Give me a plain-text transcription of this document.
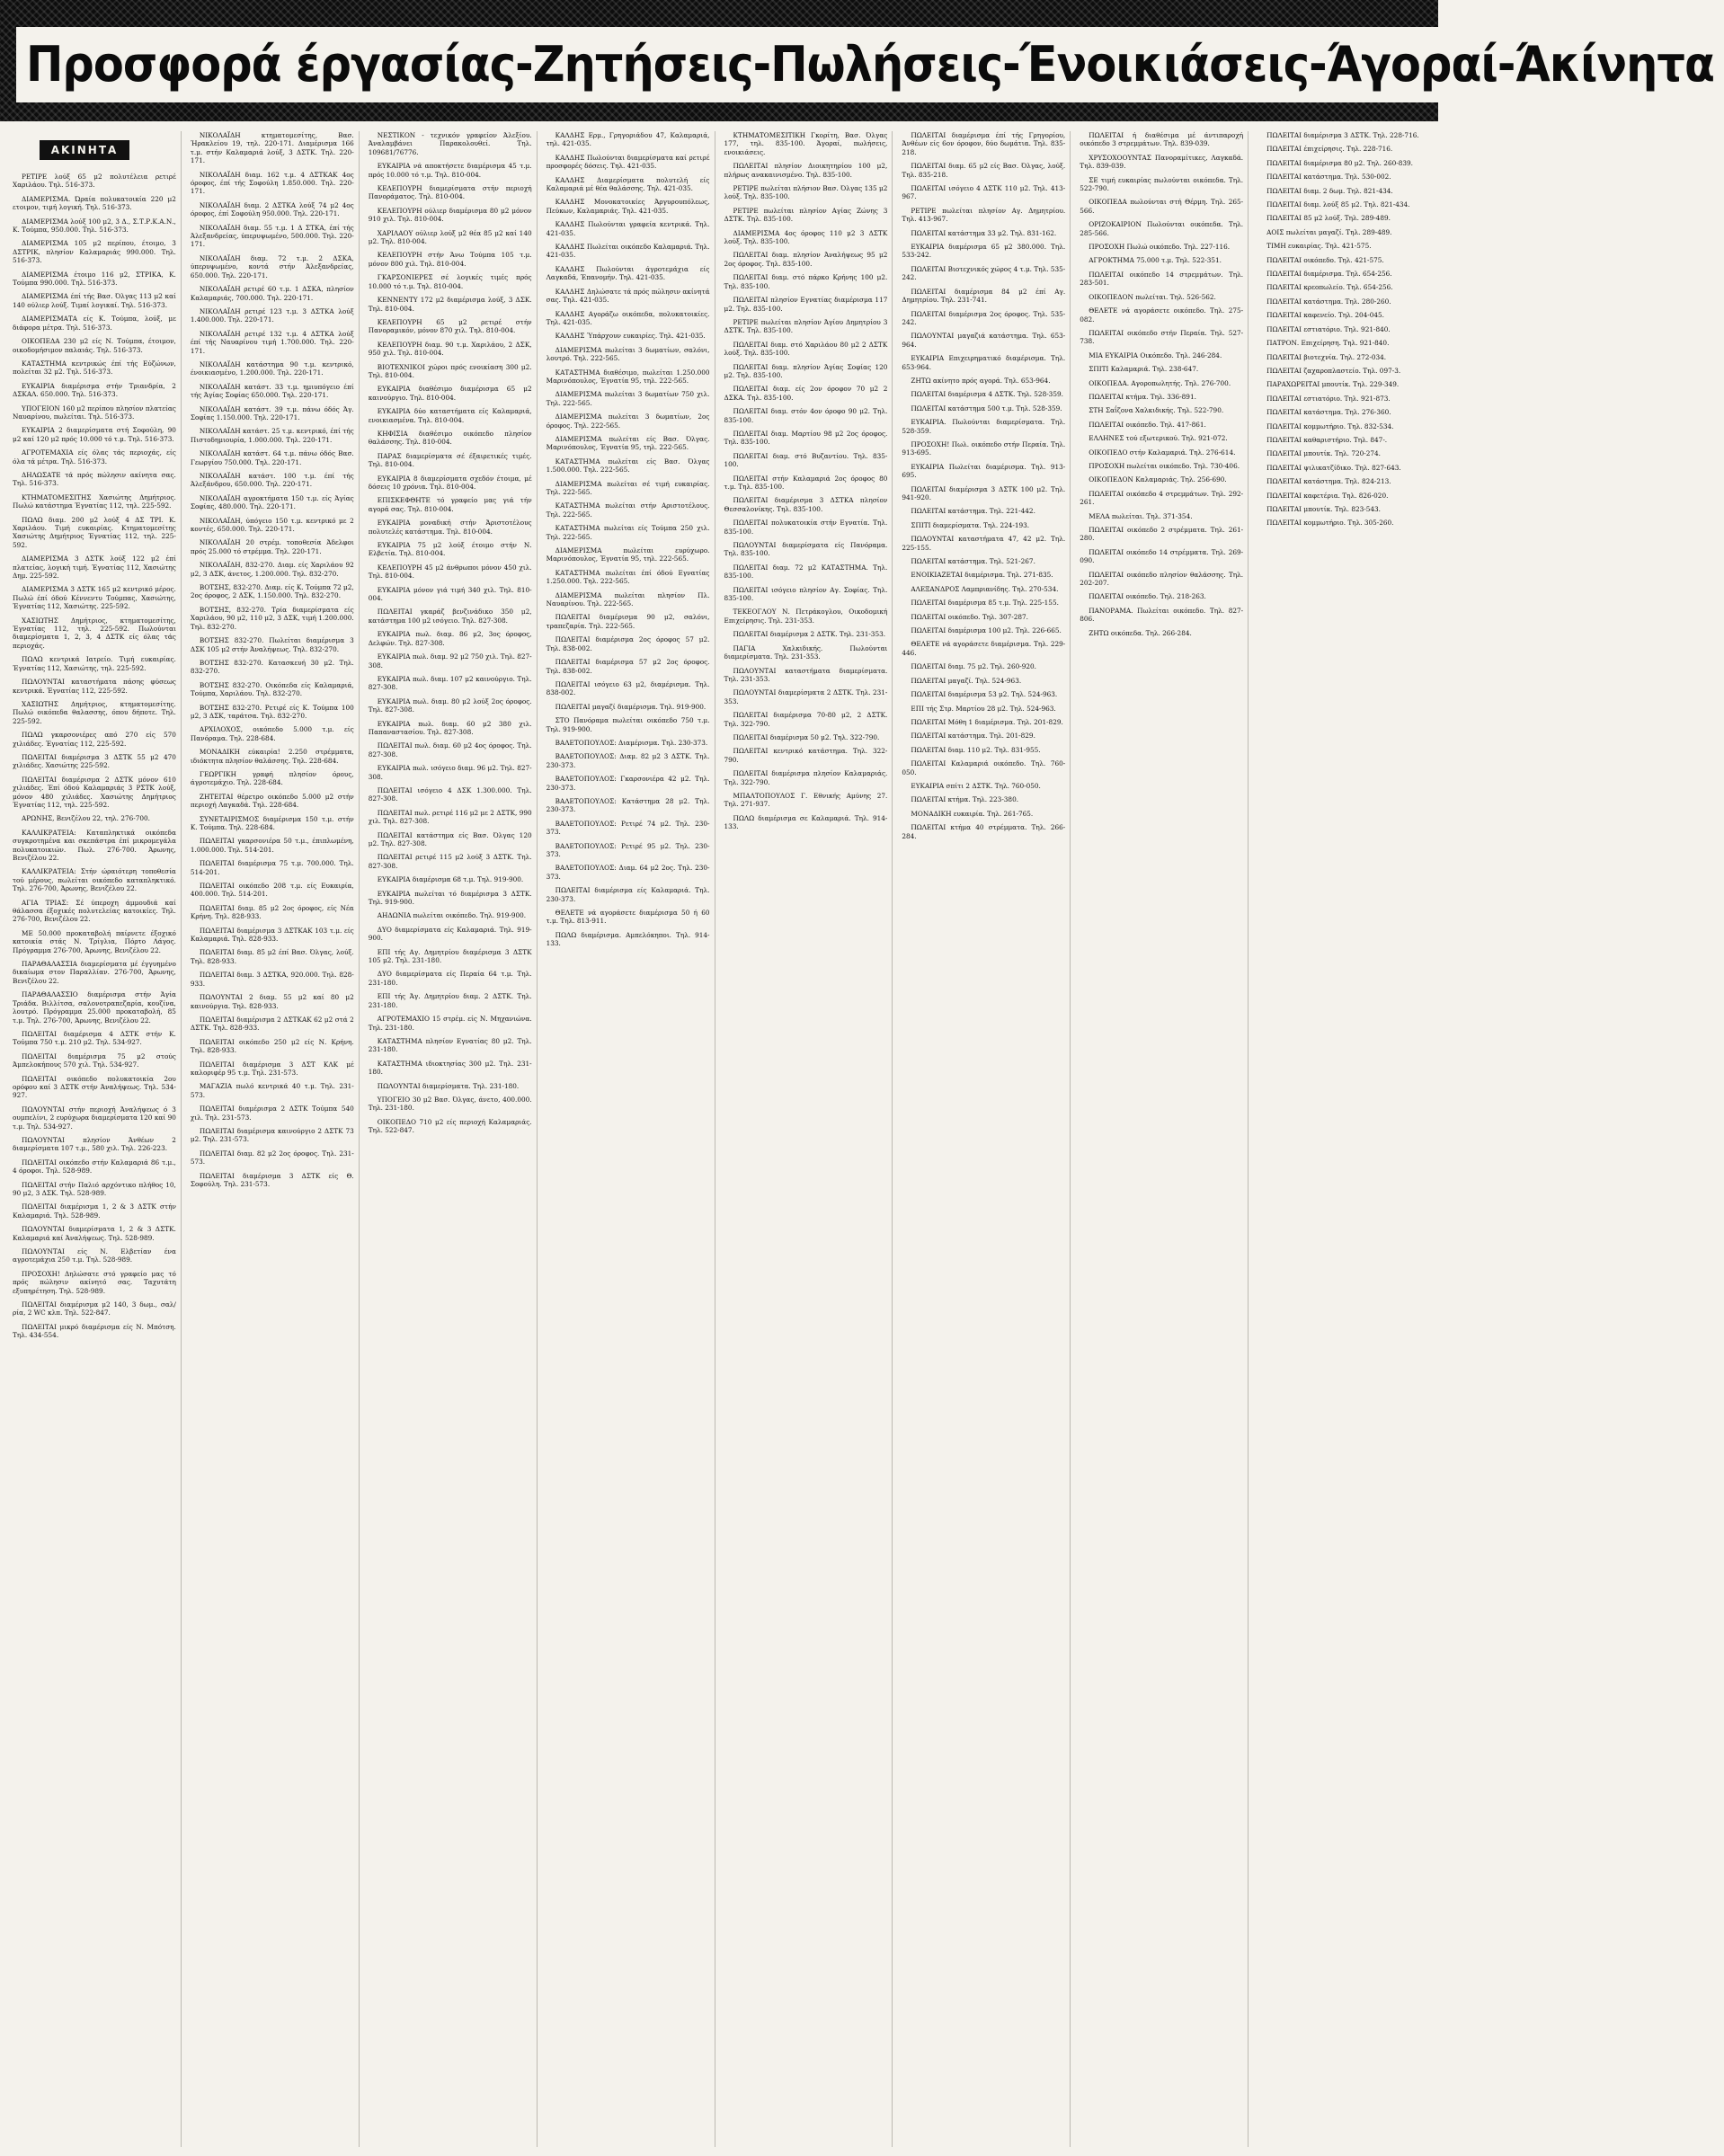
Προσφορά έργασίας-Ζητήσεις-Πωλήσεις-Ένοικιάσεις-Άγοραί-Άκίνητα
ΑΚΙΝΗΤΑ

ΡΕΤΙΡΕ λούξ 65 μ2 πολυτέλεια ρετιρέ Χαριλάου. Τηλ. 516-373.

ΔΙΑΜΕΡΙΣΜΑ. Ώραία πολυκατοικία 220 μ2 ετοιμον, τιμή λογική. Τηλ. 516-373.

ΔΙΑΜΕΡΙΣΜΑ λούξ 100 μ2, 3 Δ., Σ.Τ.Ρ.Κ.Α.Ν., Κ. Τούμπα, 950.000. Τηλ. 516-373.

ΔΙΑΜΕΡΙΣΜΑ 105 μ2 περίπου, έτοιμο, 3 ΔΣΤΡΙΚ, πλησίον Καλαμαριάς 990.000. Τηλ. 516-373.

ΔΙΑΜΕΡΙΣΜΑ έτοιμο 116 μ2, ΣΤΡΙΚΑ, Κ. Τούμπα 990.000. Τηλ. 516-373.

ΔΙΑΜΕΡΙΣΜΑ έπί τής Βασ. Όλγας 113 μ2 καί 140 ούλιερ λούξ. Τιμαί λογικαί. Τηλ. 516-373.

ΔΙΑΜΕΡΙΣΜΑΤΑ είς Κ. Τούμπα, λούξ, με διάφορα μέτρα. Τηλ. 516-373.

ΟΙΚΟΠΕΔΑ 230 μ2 είς Ν. Τούμπα, έτοιμον, οικοδομήσιμον παλαιάς. Τηλ. 516-373.

ΚΑΤΑΣΤΗΜΑ κεντρικώς έπί τής Εύζώνων, πολείται 32 μ2. Τηλ. 516-373.

ΕΥΚΑΙΡΙΑ διαμέρισμα στήν Τριανδρία, 2 ΔΣΚΑΛ. 650.000. Τηλ. 516-373.

ΥΠΟΓΕΙΟΝ 160 μ2 περίπου πλησίον πλατείας Ναυαρίνου, πωλείται. Τηλ. 516-373.

ΕΥΚΑΙΡΙΑ 2 διαμερίσματα στή Σοφούλη, 90 μ2 καί 120 μ2 πρός 10.000 τό τ.μ. Τηλ. 516-373.

ΑΓΡΟΤΕΜΑΧΙΑ είς όλας τάς περιοχάς, είς όλα τά μέτρα. Τηλ. 516-373.

ΔΗΛΩΣΑΤΕ τά πρός πώλησιν ακίνητα σας. Τηλ. 516-373.

ΚΤΗΜΑΤΟΜΕΣΙΤΗΣ Χασιώτης Δημήτριος. Πωλώ κατάστημα Έγνατίας 112, τηλ. 225-592.

ΠΩΛΩ διαμ. 200 μ2 λούξ 4 ΔΣ ΤΡΙ. Κ. Χαριλάου. Τιμή ευκαιρίας. Κτηματομεσίτης Χασιώτης Δημήτριος Έγνατίας 112, τηλ. 225-592.

ΔΙΑΜΕΡΙΣΜΑ 3 ΔΣΤΚ λούξ 122 μ2 έπί πλατείας, λογική τιμή. Έγνατίας 112, Χασιώτης Δημ. 225-592.

ΔΙΑΜΕΡΙΣΜΑ 3 ΔΣΤΚ 165 μ2 κεντρικό μέρος. Πωλώ έπί όδού Κέννεντυ Τούμπας, Χασιώτης, Έγνατίας 112, Χασιώτης. 225-592.

ΧΑΣΙΩΤΗΣ Δημήτριος, κτηματομεσίτης, Έγνατίας 112, τηλ. 225-592. Πωλούνται διαμερίσματα 1, 2, 3, 4 ΔΣΤΚ είς όλας τάς περιοχάς.

ΠΩΛΩ κεντρικά Ιατρείο. Τιμή ευκαιρίας. Έγνατίας 112, Χασιώτης, τηλ. 225-592.

ΠΩΛΟΥΝΤΑΙ καταστήματα πάσης φύσεως κεντρικά. Έγνατίας 112, 225-592.

ΧΑΣΙΩΤΗΣ Δημήτριος, κτηματομεσίτης. Πωλώ οικόπεδα θαλασσης, όπου δήποτε. Τηλ. 225-592.

ΠΩΛΩ γκαρσονιέρες από 270 είς 570 χιλιάδες. Έγνατίας 112, 225-592.

ΠΩΛΕΙΤΑΙ διαμέρισμα 3 ΔΣΤΚ 55 μ2 470 χιλιάδες. Χασιώτης 225-592.

ΠΩΛΕΙΤΑΙ διαμέρισμα 2 ΔΣΤΚ μόνον 610 χιλιάδες. Έπί όδού Καλαμαριάς 3 ΡΣΤΚ λούξ, μόνον 480 χιλιάδες. Χασιώτης Δημήτριος Έγνατίας 112, τηλ. 225-592.

ΑΡΩΝΗΣ, Βενιζέλου 22, τηλ. 276-700.

ΚΑΛΛΙΚΡΑΤΕΙΑ: Καταπληκτικά οικόπεδα συγκροτημένα και σκεπάστρα έπί μικρομεγάλα πολυκατοικιών. Πωλ. 276-700. Άρωνης, Βενιζέλου 22.

ΚΑΛΛΙΚΡΑΤΕΙΑ: Στήν ώραιότερη τοποθεσία τού μέρους, πωλείται οικόπεδο καταπληκτικό. Τηλ. 276-700, Άρωνης, Βενιζέλου 22.

ΑΓΙΑ ΤΡΙΑΣ: Σέ ύπεροχη άμμουδιά καί θάλασσα έξοχικές πολυτελείας κατοικίες. Τηλ. 276-700, Βενιζέλου 22.

ΜΕ 50.000 προκαταβολή παίρνετε έξοχικό κατοικία στάς Ν. Τρίγλια, Πόρτο Λάγος. Πρόγραμμα 276-700, Άρωνης, Βενιζέλου 22.

ΠΑΡΑΘΑΛΑΣΣΙΑ διαμερίσματα μέ έγγυημένο δικαίωμα στον Παραλλίαν. 276-700, Άρωνης, Βενιζέλου 22.

ΠΑΡΑΘΑΛΑΣΣΙΟ διαμέρισμα στήν Άγία Τριάδα. Βιλλίτσα, σαλονοτραπεζαρία, κουζίνα, λουτρό. Πρόγραμμα 25.000 προκαταβολή, 85 τ.μ. Τηλ. 276-700, Άρωνης, Βενιζέλου 22.

ΠΩΛΕΙΤΑΙ διαμέρισμα 4 ΔΣΤΚ στήν Κ. Τούμπα 750 τ.μ. 210 μ2. Τηλ. 534-927.

ΠΩΛΕΙΤΑΙ διαμέρισμα 75 μ2 στούς Άμπελοκήπους 570 χιλ. Τηλ. 534-927.

ΠΩΛΕΙΤΑΙ οικόπεδο πολυκατοικία 2ου ορόφου καί 3 ΔΣΤΚ στήν Άναλήψεως. Τηλ. 534-927.

ΠΩΛΟΥΝΤΑΙ στήν περιοχή Άναλήψεως ό 3 ουμπελίνι, 2 ευρύχωρα διαμερίσματα 120 καί 90 τ.μ. Τηλ. 534-927.

ΠΩΛΟΥΝΤΑΙ πλησίον Άνθέων 2 διαμερίσματα 107 τ.μ., 580 χιλ. Τηλ. 226-223.

ΠΩΛΕΙΤΑΙ οικόπεδο στήν Καλαμαριά 86 τ.μ., 4 όροφοι. Τηλ. 528-989.

ΠΩΛΕΙΤΑΙ στήν Παλιό αρχόντικο πλήθος 10, 90 μ2, 3 ΔΣΚ. Τηλ. 528-989.

ΠΩΛΕΙΤΑΙ διαμέρισμα 1, 2 & 3 ΔΣΤΚ στήν Καλαμαριά. Τηλ. 528-989.

ΠΩΛΟΥΝΤΑΙ διαμερίσματα 1, 2 & 3 ΔΣΤΚ. Καλαμαριά καί Άναλήψεως. Τηλ. 528-989.

ΠΩΛΟΥΝΤΑΙ είς Ν. Ελβετίαν ένα αγροτεμάχια 250 τ.μ. Τηλ. 528-989.

ΠΡΟΣΟΧΗ! Δηλώσατε στό γραφείο μας τό πρός πώλησιν ακίνητό σας. Ταχυτάτη εξυπηρέτηση. Τηλ. 528-989.

ΠΩΛΕΙΤΑΙ διαμέρισμα μ2 140, 3 δωμ., σαλ/ρία, 2 WC κλπ. Τηλ. 522-847.

ΠΩΛΕΙΤΑΙ μικρό διαμέρισμα είς Ν. Μπότση. Τηλ. 434-554.

ΝΙΚΟΛΑΪΔΗ κτηματομεσίτης, Βασ. Ήρακλείου 19, τηλ. 220-171. Διαμέρισμα 166 τ.μ. στήν Καλαμαριά λούξ, 3 ΔΣΤΚ. Τηλ. 220-171.

ΝΙΚΟΛΑΪΔΗ διαμ. 162 τ.μ. 4 ΔΣΤΚΑΚ 4ος όροφος, έπί τής Σοφούλη 1.850.000. Τηλ. 220-171.

ΝΙΚΟΛΑΪΔΗ διαμ. 2 ΔΣΤΚΑ λούξ 74 μ2 4ος όροφος, έπί Σοφούλη 950.000. Τηλ. 220-171.

ΝΙΚΟΛΑΪΔΗ διαμ. 55 τ.μ. 1 Δ ΣΤΚΑ, έπί τής Άλεξανδρείας, ύπερυψωμένο, 500.000. Τηλ. 220-171.

ΝΙΚΟΛΑΪΔΗ διαμ. 72 τ.μ. 2 ΔΣΚΑ, ύπερυψωμένο, κοντά στήν Άλεξανδρείας, 650.000. Τηλ. 220-171.

ΝΙΚΟΛΑΪΔΗ ρετιρέ 60 τ.μ. 1 ΔΣΚΑ, πλησίον Καλαμαριάς, 700.000. Τηλ. 220-171.

ΝΙΚΟΛΑΪΔΗ ρετιρέ 123 τ.μ. 3 ΔΣΤΚΑ λούξ 1.400.000. Τηλ. 220-171.

ΝΙΚΟΛΑΪΔΗ ρετιρέ 132 τ.μ. 4 ΔΣΤΚΑ λούξ έπί τής Ναυαρίνου τιμή 1.700.000. Τηλ. 220-171.

ΝΙΚΟΛΑΪΔΗ κατάστημα 90 τ.μ. κεντρικό, ένοικιασμένο, 1.200.000. Τηλ. 220-171.

ΝΙΚΟΛΑΪΔΗ κατάστ. 33 τ.μ. ημιυπόγειο έπί τής Άγίας Σοφίας 650.000. Τηλ. 220-171.

ΝΙΚΟΛΑΪΔΗ κατάστ. 39 τ.μ. πάνω όδός Άγ. Σοφίας 1.150.000. Τηλ. 220-171.

ΝΙΚΟΛΑΪΔΗ κατάστ. 25 τ.μ. κεντρικό, έπί τής Πιστοδημιουρία, 1.000.000. Τηλ. 220-171.

ΝΙΚΟΛΑΪΔΗ κατάστ. 64 τ.μ. πάνω όδός Βασ. Γεωργίου 750.000. Τηλ. 220-171.

ΝΙΚΟΛΑΪΔΗ κατάστ. 100 τ.μ. έπί τής Άλεξάνδρου, 650.000. Τηλ. 220-171.

ΝΙΚΟΛΑΪΔΗ αγροκτήματα 150 τ.μ. είς Άγίας Σοφίας, 480.000. Τηλ. 220-171.

ΝΙΚΟΛΑΪΔΗ, ύπόγειο 150 τ.μ. κεντρικό με 2 κοντές, 650.000. Τηλ. 220-171.

ΝΙΚΟΛΑΪΔΗ 20 στρέμ. τοποθεσία Άδελφοι πρός 25.000 τό στρέμμα. Τηλ. 220-171.

ΝΙΚΟΛΑΪΔΗ, 832-270. Διαμ. είς Χαριλάου 92 μ2, 3 ΔΣΚ, άνετος, 1.200.000. Τηλ. 832-270.

ΒΟΤΣΗΣ, 832-270. Διαμ. είς Κ. Τούμπα 72 μ2, 2ος όροφος, 2 ΔΣΚ, 1.150.000. Τηλ. 832-270.

ΒΟΤΣΗΣ, 832-270. Τρία διαμερίσματα είς Χαριλάου, 90 μ2, 110 μ2, 3 ΔΣΚ, τιμή 1.200.000. Τηλ. 832-270.

ΒΟΤΣΗΣ 832-270. Πωλείται διαμέρισμα 3 ΔΣΚ 105 μ2 στήν Άναλήψεως. Τηλ. 832-270.

ΒΟΤΣΗΣ 832-270. Κατασκευή 30 μ2. Τηλ. 832-270.

ΒΟΤΣΗΣ 832-270. Οικόπεδα είς Καλαμαριά, Τούμπα, Χαριλάου. Τηλ. 832-270.

ΒΟΤΣΗΣ 832-270. Ρετιρέ είς Κ. Τούμπα 100 μ2, 3 ΔΣΚ, ταράτσα. Τηλ. 832-270.

ΑΡΧΙΛΟΧΟΣ, οικόπεδο 5.000 τ.μ. είς Πανόραμα. Τηλ. 228-684.

ΜΟΝΑΔΙΚΗ εύκαιρία! 2.250 στρέμματα, ιδιόκτητα πλησίον θαλάσσης. Τηλ. 228-684.

ΓΕΩΡΓΙΚΗ γραφή πλησίον όρους, άγροτεμάχιο. Τηλ. 228-684.

ΖΗΤΕΙΤΑΙ θέρετρο οικόπεδο 5.000 μ2 στήν περιοχή Λαγκαδά. Τηλ. 228-684.

ΣΥΝΕΤΑΙΡΙΣΜΟΣ διαμέρισμα 150 τ.μ. στήν Κ. Τούμπα. Τηλ. 228-684.

ΠΩΛΕΙΤΑΙ γκαρσονιέρα 50 τ.μ., έπιπλωμένη, 1.000.000. Τηλ. 514-201.

ΠΩΛΕΙΤΑΙ διαμέρισμα 75 τ.μ. 700.000. Τηλ. 514-201.

ΠΩΛΕΙΤΑΙ οικόπεδο 208 τ.μ. είς Ευκαιρία, 400.000. Τηλ. 514-201.

ΠΩΛΕΙΤΑΙ διαμ. 85 μ2 2ος όροφος, είς Νέα Κρήνη. Τηλ. 828-933.

ΠΩΛΕΙΤΑΙ διαμέρισμα 3 ΔΣΤΚΑΚ 103 τ.μ. είς Καλαμαριά. Τηλ. 828-933.

ΠΩΛΕΙΤΑΙ διαμ. 85 μ2 έπί Βασ. Όλγας, λούξ. Τηλ. 828-933.

ΠΩΛΕΙΤΑΙ διαμ. 3 ΔΣΤΚΑ, 920.000. Τηλ. 828-933.

ΠΩΛΟΥΝΤΑΙ 2 διαμ. 55 μ2 καί 80 μ2 καινούργια. Τηλ. 828-933.

ΠΩΛΕΙΤΑΙ διαμέρισμα 2 ΔΣΤΚΑΚ 62 μ2 στά 2 ΔΣΤΚ. Τηλ. 828-933.

ΠΩΛΕΙΤΑΙ οικόπεδο 250 μ2 είς Ν. Κρήνη. Τηλ. 828-933.

ΠΩΛΕΙΤΑΙ διαμέρισμα 3 ΔΣΤ ΚΛΚ μέ καλοριφέρ 95 τ.μ. Τηλ. 231-573.

ΜΑΓΑΖΙΑ πωλό κεντρικά 40 τ.μ. Τηλ. 231-573.

ΠΩΛΕΙΤΑΙ διαμέρισμα 2 ΔΣΤΚ Τούμπα 540 χιλ. Τηλ. 231-573.

ΠΩΛΕΙΤΑΙ διαμέρισμα καινούργιο 2 ΔΣΤΚ 73 μ2. Τηλ. 231-573.

ΠΩΛΕΙΤΑΙ διαμ. 82 μ2 2ος όροφος. Τηλ. 231-573.

ΠΩΛΕΙΤΑΙ διαμέρισμα 3 ΔΣΤΚ είς Θ. Σοφούλη. Τηλ. 231-573.

ΝΕΣΤΙΚΟΝ - τεχνικόν γραφείον Άλεξίου. Άναλαμβάνει Παρακολουθεί. Τηλ. 109681/76776.

ΕΥΚΑΙΡΙΑ νά αποκτήσετε διαμέρισμα 45 τ.μ. πρός 10.000 τό τ.μ. Τηλ. 810-004.

ΚΕΛΕΠΟΥΡΗ διαμερίσματα στήν περιοχή Πανοράματος. Τηλ. 810-004.

ΚΕΛΕΠΟΥΡΗ ούλιερ διαμέρισμα 80 μ2 μόνον 910 χιλ. Τηλ. 810-004.

ΧΑΡΙΛΑΟΥ ούλιερ λούξ μ2 θέα 85 μ2 καί 140 μ2. Τηλ. 810-004.

ΚΕΛΕΠΟΥΡΗ στήν Άνω Τούμπα 105 τ.μ. μόνον 800 χιλ. Τηλ. 810-004.

ΓΚΑΡΣΟΝΙΕΡΕΣ σέ λογικές τιμές πρός 10.000 τό τ.μ. Τηλ. 810-004.

ΚΕΝΝΕΝΤΥ 172 μ2 διαμέρισμα λούξ, 3 ΔΣΚ. Τηλ. 810-004.

ΚΕΛΕΠΟΥΡΗ 65 μ2 ρετιρέ στήν Πανοραμικόν, μόνον 870 χιλ. Τηλ. 810-004.

ΚΕΛΕΠΟΥΡΗ διαμ. 90 τ.μ. Χαριλάου, 2 ΔΣΚ, 950 χιλ. Τηλ. 810-004.

ΒΙΟΤΕΧΝΙΚΟΙ χώροι πρός ενοικίαση 300 μ2. Τηλ. 810-004.

ΕΥΚΑΙΡΙΑ διαθέσιμο διαμέρισμα 65 μ2 καινούργιο. Τηλ. 810-004.

ΕΥΚΑΙΡΙΑ δύο καταστήματα είς Καλαμαριά, ενοικιασμένα. Τηλ. 810-004.

ΚΗΦΙΣΙΑ διαθέσιμο οικόπεδο πλησίον θαλάσσης. Τηλ. 810-004.

ΠΑΡΑΣ διαμερίσματα σέ έξαιρετικές τιμές. Τηλ. 810-004.

ΕΥΚΑΙΡΙΑ 8 διαμερίσματα σχεδόν έτοιμα, μέ δόσεις 10 χρόνια. Τηλ. 810-004.

ΕΠΙΣΚΕΦΘΗΤΕ τό γραφείο μας γιά τήν αγορά σας. Τηλ. 810-004.

ΕΥΚΑΙΡΙΑ μοναδική στήν Άριστοτέλους πολυτελές κατάστημα. Τηλ. 810-004.

ΕΥΚΑΙΡΙΑ 75 μ2 λούξ έτοιμο στήν Ν. Ελβετία. Τηλ. 810-004.

ΚΕΛΕΠΟΥΡΗ 45 μ2 άνθρωποι μόνον 450 χιλ. Τηλ. 810-004.

ΕΥΚΑΙΡΙΑ μόνον γιά τιμή 340 χιλ. Τηλ. 810-004.

ΠΩΛΕΙΤΑΙ γκαράζ βενζινάδικο 350 μ2, κατάστημα 100 μ2 ισόγειο. Τηλ. 827-308.

ΕΥΚΑΙΡΙΑ πωλ. διαμ. 86 μ2, 3ος όροφος, Δελφών. Τηλ. 827-308.

ΕΥΚΑΙΡΙΑ πωλ. διαμ. 92 μ2 750 χιλ. Τηλ. 827-308.

ΕΥΚΑΙΡΙΑ πωλ. διαμ. 107 μ2 καινούργιο. Τηλ. 827-308.

ΕΥΚΑΙΡΙΑ πωλ. διαμ. 80 μ2 λούξ 2ος όροφος. Τηλ. 827-308.

ΕΥΚΑΙΡΙΑ πωλ. διαμ. 60 μ2 380 χιλ. Παπαναστασίου. Τηλ. 827-308.

ΠΩΛΕΙΤΑΙ πωλ. διαμ. 60 μ2 4ος όροφος. Τηλ. 827-308.

ΕΥΚΑΙΡΙΑ πωλ. ισόγειο διαμ. 96 μ2. Τηλ. 827-308.

ΠΩΛΕΙΤΑΙ ισόγειο 4 ΔΣΚ 1.300.000. Τηλ. 827-308.

ΠΩΛΕΙΤΑΙ πωλ. ρετιρέ 116 μ2 με 2 ΔΣΤΚ, 990 χιλ. Τηλ. 827-308.

ΠΩΛΕΙΤΑΙ κατάστημα είς Βασ. Όλγας 120 μ2. Τηλ. 827-308.

ΠΩΛΕΙΤΑΙ ρετιρέ 115 μ2 λούξ 3 ΔΣΤΚ. Τηλ. 827-308.

ΕΥΚΑΙΡΙΑ διαμέρισμα 68 τ.μ. Τηλ. 919-900.

ΕΥΚΑΙΡΙΑ πωλείται τό διαμέρισμα 3 ΔΣΤΚ. Τηλ. 919-900.

ΑΗΔΩΝΙΑ πωλείται οικόπεδο. Τηλ. 919-900.

ΔΥΟ διαμερίσματα είς Καλαμαριά. Τηλ. 919-900.

ΕΠΙ τής Αγ. Δημητρίου διαμέρισμα 3 ΔΣΤΚ 105 μ2. Τηλ. 231-180.

ΔΥΟ διαμερίσματα είς Περαία 64 τ.μ. Τηλ. 231-180.

ΕΠΙ τής Άγ. Δημητρίου διαμ. 2 ΔΣΤΚ. Τηλ. 231-180.

ΑΓΡΟΤΕΜΑΧΙΟ 15 στρέμ. είς Ν. Μηχανιώνα. Τηλ. 231-180.

ΚΑΤΑΣΤΗΜΑ πλησίον Εγνατίας 80 μ2. Τηλ. 231-180.

ΚΑΤΑΣΤΗΜΑ ιδιοκτησίας 300 μ2. Τηλ. 231-180.

ΠΩΛΟΥΝΤΑΙ διαμερίσματα. Τηλ. 231-180.

ΥΠΟΓΕΙΟ 30 μ2 Βασ. Όλγας, άνετο, 400.000. Τηλ. 231-180.

ΟΙΚΟΠΕΔΟ 710 μ2 είς περιοχή Καλαμαριάς. Τηλ. 522-847.

ΚΑΛΔΗΣ Ερμ., Γρηγοριάδου 47, Καλαμαριά, τηλ. 421-035.

ΚΑΛΔΗΣ Πωλούνται διαμερίσματα καί ρετιρέ προσφορές δόσεις. Τηλ. 421-035.

ΚΑΛΔΗΣ Διαμερίσματα πολυτελή είς Καλαμαριά μέ θέα θαλάσσης. Τηλ. 421-035.

ΚΑΛΔΗΣ Μονοκατοικίες Άργυρουπόλεως, Πεύκων, Καλαμαριάς. Τηλ. 421-035.

ΚΑΛΔΗΣ Πωλούνται γραφεία κεντρικά. Τηλ. 421-035.

ΚΑΛΔΗΣ Πωλείται οικόπεδο Καλαμαριά. Τηλ. 421-035.

ΚΑΛΔΗΣ Πωλούνται άγροτεμάχια είς Λαγκαδά, Έπανομήν. Τηλ. 421-035.

ΚΑΛΔΗΣ Δηλώσατε τά πρός πώλησιν ακίνητά σας. Τηλ. 421-035.

ΚΑΛΔΗΣ Αγοράζω οικόπεδα, πολυκατοικίες. Τηλ. 421-035.

ΚΑΛΔΗΣ Ύπάρχουν ευκαιρίες. Τηλ. 421-035.

ΔΙΑΜΕΡΙΣΜΑ πωλείται 3 δωματίων, σαλόνι, λουτρό. Τηλ. 222-565.

ΚΑΤΑΣΤΗΜΑ διαθέσιμο, πωλείται 1.250.000 Μαρινόπουλος, Έγνατία 95, τηλ. 222-565.

ΔΙΑΜΕΡΙΣΜΑ πωλείται 3 δωματίων 750 χιλ. Τηλ. 222-565.

ΔΙΑΜΕΡΙΣΜΑ πωλείται 3 δωματίων, 2ος όροφος. Τηλ. 222-565.

ΔΙΑΜΕΡΙΣΜΑ πωλείται είς Βασ. Όλγας. Μαρινόπουλος, Έγνατία 95, τηλ. 222-565.

ΚΑΤΑΣΤΗΜΑ πωλείται είς Βασ. Όλγας 1.500.000. Τηλ. 222-565.

ΔΙΑΜΕΡΙΣΜΑ πωλείται σέ τιμή ευκαιρίας. Τηλ. 222-565.

ΚΑΤΑΣΤΗΜΑ πωλείται στήν Αριστοτέλους. Τηλ. 222-565.

ΚΑΤΑΣΤΗΜΑ πωλείται είς Τούμπα 250 χιλ. Τηλ. 222-565.

ΔΙΑΜΕΡΙΣΜΑ πωλείται ευρύχωρο. Μαρινόπουλος, Έγνατία 95, τηλ. 222-565.

ΚΑΤΑΣΤΗΜΑ πωλείται έπί όδού Εγνατίας 1.250.000. Τηλ. 222-565.

ΔΙΑΜΕΡΙΣΜΑ πωλείται πλησίον Πλ. Ναυαρίνου. Τηλ. 222-565.

ΠΩΛΕΙΤΑΙ διαμέρισμα 90 μ2, σαλόνι, τραπεζαρία. Τηλ. 222-565.

ΠΩΛΕΙΤΑΙ διαμέρισμα 2ος όροφος 57 μ2. Τηλ. 838-002.

ΠΩΛΕΙΤΑΙ διαμέρισμα 57 μ2 2ος όροφος. Τηλ. 838-002.

ΠΩΛΕΙΤΑΙ ισόγειο 63 μ2, διαμέρισμα. Τηλ. 838-002.

ΠΩΛΕΙΤΑΙ μαγαζί διαμέρισμα. Τηλ. 919-900.

ΣΤΟ Πανόραμα πωλείται οικόπεδο 750 τ.μ. Τηλ. 919-900.

ΒΑΛΕΤΟΠΟΥΛΟΣ: Διαμέρισμα. Τηλ. 230-373.

ΒΑΛΕΤΟΠΟΥΛΟΣ: Διαμ. 82 μ2 3 ΔΣΤΚ. Τηλ. 230-373.

ΒΑΛΕΤΟΠΟΥΛΟΣ: Γκαρσονιέρα 42 μ2. Τηλ. 230-373.

ΒΑΛΕΤΟΠΟΥΛΟΣ: Κατάστημα 28 μ2. Τηλ. 230-373.

ΒΑΛΕΤΟΠΟΥΛΟΣ: Ρετιρέ 74 μ2. Τηλ. 230-373.

ΒΑΛΕΤΟΠΟΥΛΟΣ: Ρετιρέ 95 μ2. Τηλ. 230-373.

ΒΑΛΕΤΟΠΟΥΛΟΣ: Διαμ. 64 μ2 2ος. Τηλ. 230-373.

ΠΩΛΕΙΤΑΙ διαμέρισμα είς Καλαμαριά. Τηλ. 230-373.

ΘΕΛΕΤΕ νά αγοράσετε διαμέρισμα 50 ή 60 τ.μ. Τηλ. 813-911.

ΠΩΛΩ διαμέρισμα. Αμπελόκηποι. Τηλ. 914-133.

ΚΤΗΜΑΤΟΜΕΣΙΤΙΚΗ Γκορίτη, Βασ. Όλγας 177, τηλ. 835-100. Άγοραί, πωλήσεις, ενοικιάσεις.

ΠΩΛΕΙΤΑΙ πλησίον Διοικητηρίου 100 μ2, πλήρως ανακαινισμένο. Τηλ. 835-100.

ΡΕΤΙΡΕ πωλείται πλήσιον Βασ. Όλγας 135 μ2 λούξ. Τηλ. 835-100.

ΡΕΤΙΡΕ πωλείται πλησίον Αγίας Ζώνης 3 ΔΣΤΚ. Τηλ. 835-100.

ΔΙΑΜΕΡΙΣΜΑ 4ος όροφος 110 μ2 3 ΔΣΤΚ λούξ. Τηλ. 835-100.

ΠΩΛΕΙΤΑΙ διαμ. πλησίον Άναλήψεως 95 μ2 2ος όροφος. Τηλ. 835-100.

ΠΩΛΕΙΤΑΙ διαμ. στό πάρκο Κρήνης 100 μ2. Τηλ. 835-100.

ΠΩΛΕΙΤΑΙ πλησίον Εγνατίας διαμέρισμα 117 μ2. Τηλ. 835-100.

ΡΕΤΙΡΕ πωλείται πλησίον Άγίου Δημητρίου 3 ΔΣΤΚ. Τηλ. 835-100.

ΠΩΛΕΙΤΑΙ διαμ. στό Χαριλάου 80 μ2 2 ΔΣΤΚ λούξ. Τηλ. 835-100.

ΠΩΛΕΙΤΑΙ διαμ. πλησίον Άγίας Σοφίας 120 μ2. Τηλ. 835-100.

ΠΩΛΕΙΤΑΙ διαμ. είς 2ον όροφον 70 μ2 2 ΔΣΚΑ. Τηλ. 835-100.

ΠΩΛΕΙΤΑΙ διαμ. στόν 4ον όροφο 90 μ2. Τηλ. 835-100.

ΠΩΛΕΙΤΑΙ διαμ. Μαρτίου 98 μ2 2ος όροφος. Τηλ. 835-100.

ΠΩΛΕΙΤΑΙ διαμ. στό Βυζαντίου. Τηλ. 835-100.

ΠΩΛΕΙΤΑΙ στήν Καλαμαριά 2ος όροφος 80 τ.μ. Τηλ. 835-100.

ΠΩΛΕΙΤΑΙ διαμέρισμα 3 ΔΣΤΚΑ πλησίον Θεσσαλονίκης. Τηλ. 835-100.

ΠΩΛΕΙΤΑΙ πολυκατοικία στήν Εγνατία. Τηλ. 835-100.

ΠΩΛΟΥΝΤΑΙ διαμερίσματα είς Πανόραμα. Τηλ. 835-100.

ΠΩΛΕΙΤΑΙ διαμ. 72 μ2 ΚΑΤΑΣΤΗΜΑ. Τηλ. 835-100.

ΠΩΛΕΙΤΑΙ ισόγειο πλησίον Αγ. Σοφίας. Τηλ. 835-100.

ΤΕΚΕΟΓΛΟΥ Ν. Πετράκογλου, Οικοδομική Επιχείρησις. Τηλ. 231-353.

ΠΩΛΕΙΤΑΙ διαμέρισμα 2 ΔΣΤΚ. Τηλ. 231-353.

ΠΑΓΙΑ Χαλκιδικής. Πωλούνται διαμερίσματα. Τηλ. 231-353.

ΠΩΛΟΥΝΤΑΙ καταστήματα διαμερίσματα. Τηλ. 231-353.

ΠΩΛΟΥΝΤΑΙ διαμερίσματα 2 ΔΣΤΚ. Τηλ. 231-353.

ΠΩΛΕΙΤΑΙ διαμέρισμα 70-80 μ2, 2 ΔΣΤΚ. Τηλ. 322-790.

ΠΩΛΕΙΤΑΙ διαμέρισμα 50 μ2. Τηλ. 322-790.

ΠΩΛΕΙΤΑΙ κεντρικό κατάστημα. Τηλ. 322-790.

ΠΩΛΕΙΤΑΙ διαμέρισμα πλησίον Καλαμαριάς. Τηλ. 322-790.

ΜΠΑΛΤΟΠΟΥΛΟΣ Γ. Εθνικής Αμύνης 27. Τηλ. 271-937.

ΠΩΛΩ διαμέρισμα σε Καλαμαριά. Τηλ. 914-133.

ΠΩΛΕΙΤΑΙ διαμέρισμα έπί τής Γρηγορίου, Άνθέων είς 6ον όροφον, δύο δωμάτια. Τηλ. 835-218.

ΠΩΛΕΙΤΑΙ διαμ. 65 μ2 είς Βασ. Όλγας, λούξ. Τηλ. 835-218.

ΠΩΛΕΙΤΑΙ ισόγειο 4 ΔΣΤΚ 110 μ2. Τηλ. 413-967.

ΡΕΤΙΡΕ πωλείται πλησίον Αγ. Δημητρίου. Τηλ. 413-967.

ΠΩΛΕΙΤΑΙ κατάστημα 33 μ2. Τηλ. 831-162.

ΕΥΚΑΙΡΙΑ διαμέρισμα 65 μ2 380.000. Τηλ. 533-242.

ΠΩΛΕΙΤΑΙ Βιοτεχνικός χώρος 4 τ.μ. Τηλ. 535-242.

ΠΩΛΕΙΤΑΙ διαμέρισμα 84 μ2 έπί Αγ. Δημητρίου. Τηλ. 231-741.

ΠΩΛΕΙΤΑΙ διαμέρισμα 2ος όροφος. Τηλ. 535-242.

ΠΩΛΟΥΝΤΑΙ μαγαζιά κατάστημα. Τηλ. 653-964.

ΕΥΚΑΙΡΙΑ Επιχειρηματικό διαμέρισμα. Τηλ. 653-964.

ΖΗΤΩ ακίνητο πρός αγορά. Τηλ. 653-964.

ΠΩΛΕΙΤΑΙ διαμέρισμα 4 ΔΣΤΚ. Τηλ. 528-359.

ΠΩΛΕΙΤΑΙ κατάστημα 500 τ.μ. Τηλ. 528-359.

ΕΥΚΑΙΡΙΑ. Πωλούνται διαμερίσματα. Τηλ. 528-359.

ΠΡΟΣΟΧΗ! Πωλ. οικόπεδο στήν Περαία. Τηλ. 913-695.

ΕΥΚΑΙΡΙΑ Πωλείται διαμέρισμα. Τηλ. 913-695.

ΠΩΛΕΙΤΑΙ διαμέρισμα 3 ΔΣΤΚ 100 μ2. Τηλ. 941-920.

ΠΩΛΕΙΤΑΙ κατάστημα. Τηλ. 221-442.

ΣΠΙΤΙ διαμερίσματα. Τηλ. 224-193.

ΠΩΛΟΥΝΤΑΙ καταστήματα 47, 42 μ2. Τηλ. 225-155.

ΠΩΛΕΙΤΑΙ κατάστημα. Τηλ. 521-267.

ΕΝΟΙΚΙΑΖΕΤΑΙ διαμέρισμα. Τηλ. 271-835.

ΑΛΕΞΑΝΔΡΟΣ Λαμπριανίδης. Τηλ. 270-534.

ΠΩΛΕΙΤΑΙ διαμέρισμα 85 τ.μ. Τηλ. 225-155.

ΠΩΛΕΙΤΑΙ οικόπεδο. Τηλ. 307-287.

ΠΩΛΕΙΤΑΙ διαμέρισμα 100 μ2. Τηλ. 226-665.

ΘΕΛΕΤΕ νά αγοράσετε διαμέρισμα. Τηλ. 229-446.

ΠΩΛΕΙΤΑΙ διαμ. 75 μ2. Τηλ. 260-920.

ΠΩΛΕΙΤΑΙ μαγαζί. Τηλ. 524-963.

ΠΩΛΕΙΤΑΙ διαμέρισμα 53 μ2. Τηλ. 524-963.

ΕΠΙ τής Στρ. Μαρτίου 28 μ2. Τηλ. 524-963.

ΠΩΛΕΙΤΑΙ Μόθη 1 διαμέρισμα. Τηλ. 201-829.

ΠΩΛΕΙΤΑΙ κατάστημα. Τηλ. 201-829.

ΠΩΛΕΙΤΑΙ διαμ. 110 μ2. Τηλ. 831-955.

ΠΩΛΕΙΤΑΙ Καλαμαριά οικόπεδο. Τηλ. 760-050.

ΕΥΚΑΙΡΙΑ σπίτι 2 ΔΣΤΚ. Τηλ. 760-050.

ΠΩΛΕΙΤΑΙ κτήμα. Τηλ. 223-380.

ΜΟΝΑΔΙΚΗ ευκαιρία. Τηλ. 261-765.

ΠΩΛΕΙΤΑΙ κτήμα 40 στρέμματα. Τηλ. 266-284.

ΠΩΛΕΙΤΑΙ ή διαθέσιμα μέ άντιπαροχή οικόπεδο 3 στρεμμάτων. Τηλ. 839-039.

ΧΡΥΣΟΧΟΟΥΝΤΑΣ Πανοραμίτικες, Λαγκαδά. Τηλ. 839-039.

ΣΕ τιμή ευκαιρίας πωλούνται οικόπεδα. Τηλ. 522-790.

ΟΙΚΟΠΕΔΑ πωλούνται στή Θέρμη. Τηλ. 265-566.

ΟΡΙΖΟΚΑΙΡΙΟΝ Πωλούνται οικόπεδα. Τηλ. 285-566.

ΠΡΟΣΟΧΗ Πωλώ οικόπεδο. Τηλ. 227-116.

ΑΓΡΟΚΤΗΜΑ 75.000 τ.μ. Τηλ. 522-351.

ΠΩΛΕΙΤΑΙ οικόπεδο 14 στρεμμάτων. Τηλ. 283-501.

ΟΙΚΟΠΕΔΟΝ πωλείται. Τηλ. 526-562.

ΘΕΛΕΤΕ νά αγοράσετε οικόπεδο. Τηλ. 275-082.

ΠΩΛΕΙΤΑΙ οικόπεδο στήν Περαία. Τηλ. 527-738.

ΜΙΑ ΕΥΚΑΙΡΙΑ Οικόπεδο. Τηλ. 246-284.

ΣΠΙΤΙ Καλαμαριά. Τηλ. 238-647.

ΟΙΚΟΠΕΔΑ. Αγοροπωλητής. Τηλ. 276-700.

ΠΩΛΕΙΤΑΙ κτήμα. Τηλ. 336-891.

ΣΤΗ Σαΐζονα Χαλκιδικής. Τηλ. 522-790.

ΠΩΛΕΙΤΑΙ οικόπεδο. Τηλ. 417-861.

ΕΛΛΗΝΕΣ τού εξωτερικού. Τηλ. 921-072.

ΟΙΚΟΠΕΔΟ στήν Καλαμαριά. Τηλ. 276-614.

ΠΡΟΣΟΧΗ πωλείται οικόπεδο. Τηλ. 730-406.

ΟΙΚΟΠΕΔΟΝ Καλαμαριάς. Τηλ. 256-690.

ΠΩΛΕΙΤΑΙ οικόπεδο 4 στρεμμάτων. Τηλ. 292-261.

ΜΕΛΑ πωλείται. Τηλ. 371-354.

ΠΩΛΕΙΤΑΙ οικόπεδο 2 στρέμματα. Τηλ. 261-280.

ΠΩΛΕΙΤΑΙ οικόπεδο 14 στρέμματα. Τηλ. 269-090.

ΠΩΛΕΙΤΑΙ οικόπεδο πλησίον θαλάσσης. Τηλ. 202-207.

ΠΩΛΕΙΤΑΙ οικόπεδο. Τηλ. 218-263.

ΠΑΝΟΡΑΜΑ. Πωλείται οικόπεδο. Τηλ. 827-806.

ΖΗΤΩ οικόπεδα. Τηλ. 266-284.

ΠΩΛΕΙΤΑΙ διαμέρισμα 3 ΔΣΤΚ. Τηλ. 228-716.

ΠΩΛΕΙΤΑΙ έπιχείρησις. Τηλ. 228-716.

ΠΩΛΕΙΤΑΙ διαμέρισμα 80 μ2. Τηλ. 260-839.

ΠΩΛΕΙΤΑΙ κατάστημα. Τηλ. 530-002.

ΠΩΛΕΙΤΑΙ διαμ. 2 δωμ. Τηλ. 821-434.

ΠΩΛΕΙΤΑΙ διαμ. λούξ 85 μ2. Τηλ. 821-434.

ΠΩΛΕΙΤΑΙ 85 μ2 λούξ. Τηλ. 289-489.

ΑΟΙΣ πωλείται μαγαζί. Τηλ. 289-489.

ΤΙΜΗ ευκαιρίας. Τηλ. 421-575.

ΠΩΛΕΙΤΑΙ οικόπεδο. Τηλ. 421-575.

ΠΩΛΕΙΤΑΙ διαμέρισμα. Τηλ. 654-256.

ΠΩΛΕΙΤΑΙ κρεοπωλείο. Τηλ. 654-256.

ΠΩΛΕΙΤΑΙ κατάστημα. Τηλ. 280-260.

ΠΩΛΕΙΤΑΙ καφενείο. Τηλ. 204-045.

ΠΩΛΕΙΤΑΙ εστιατόριο. Τηλ. 921-840.

ΠΑΤΡΟΝ. Επιχείρηση. Τηλ. 921-840.

ΠΩΛΕΙΤΑΙ βιοτεχνία. Τηλ. 272-034.

ΠΩΛΕΙΤΑΙ ζαχαροπλαστείο. Τηλ. 097-3.

ΠΑΡΑΧΩΡΕΙΤΑΙ μπουτίκ. Τηλ. 229-349.

ΠΩΛΕΙΤΑΙ εστιατόριο. Τηλ. 921-873.

ΠΩΛΕΙΤΑΙ κατάστημα. Τηλ. 276-360.

ΠΩΛΕΙΤΑΙ κομμωτήριο. Τηλ. 832-534.

ΠΩΛΕΙΤΑΙ καθαριστήριο. Τηλ. 847-.

ΠΩΛΕΙΤΑΙ μπουτίκ. Τηλ. 720-274.

ΠΩΛΕΙΤΑΙ ψιλικατζίδικο. Τηλ. 827-643.

ΠΩΛΕΙΤΑΙ κατάστημα. Τηλ. 824-213.

ΠΩΛΕΙΤΑΙ καφετέρια. Τηλ. 826-020.

ΠΩΛΕΙΤΑΙ μπουτίκ. Τηλ. 823-543.

ΠΩΛΕΙΤΑΙ κομμωτήριο. Τηλ. 305-260.
